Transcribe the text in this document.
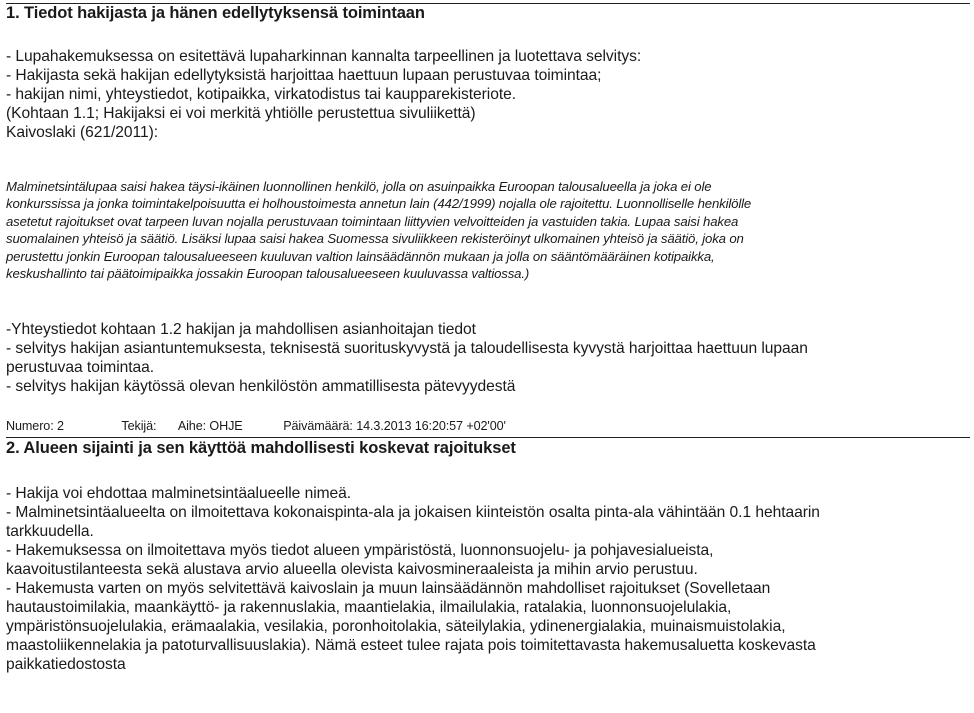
1. Tiedot hakijasta ja hänen edellytyksensä toimintaan
- Lupahakemuksessa on esitettävä lupaharkinnan kannalta tarpeellinen ja luotettava selvitys:
- Hakijasta sekä hakijan edellytyksistä harjoittaa haettuun lupaan perustuvaa toimintaa;
- hakijan nimi, yhteystiedot, kotipaikka, virkatodistus tai kaupparekisteriote.
(Kohtaan 1.1; Hakijaksi ei voi merkitä yhtiölle perustettua sivuliikettä)
Kaivoslaki (621/2011):
Malminetsintälupaa saisi hakea täysi-ikäinen luonnollinen henkilö, jolla on asuinpaikka Euroopan talousalueella ja joka ei ole
konkurssissa ja jonka toimintakelpoisuutta ei holhoustoimesta annetun lain (442/1999) nojalla ole rajoitettu. Luonnolliselle henkilölle
asetetut rajoitukset ovat tarpeen luvan nojalla perustuvaan toimintaan liittyvien velvoitteiden ja vastuiden takia. Lupaa saisi hakea
suomalainen yhteisö ja säätiö. Lisäksi lupaa saisi hakea Suomessa sivuliikkeen rekisteröinyt ulkomainen yhteisö ja säätiö, joka on
perustettu jonkin Euroopan talousalueeseen kuuluvan valtion lainsäädännön mukaan ja jolla on sääntömääräinen kotipaikka,
keskushallinto tai päätoimipaikka jossakin Euroopan talousalueeseen kuuluvassa valtiossa.)
-Yhteystiedot kohtaan 1.2 hakijan ja mahdollisen asianhoitajan tiedot
- selvitys hakijan asiantuntemuksesta, teknisestä suorituskyvystä ja taloudellisesta kyvystä harjoittaa haettuun lupaan
perustuvaa toimintaa.
- selvitys hakijan käytössä olevan henkilöstön ammatillisesta pätevyydestä
Numero: 2	Tekijä: Aihe: OHJE	Päivämäärä: 14.3.2013 16:20:57 +02'00'
2. Alueen sijainti ja sen käyttöä mahdollisesti koskevat rajoitukset
- Hakija voi ehdottaa malminetsintäalueelle nimeä.
- Malminetsintäalueelta on ilmoitettava kokonaispinta-ala ja jokaisen kiinteistön osalta pinta-ala vähintään 0.1 hehtaarin
tarkkuudella.
- Hakemuksessa on ilmoitettava myös tiedot alueen ympäristöstä, luonnonsuojelu- ja pohjavesialueista,
kaavoitustilanteesta sekä alustava arvio alueella olevista kaivosmineraaleista ja mihin arvio perustuu.
- Hakemusta varten on myös selvitettävä kaivoslain ja muun lainsäädännön mahdolliset rajoitukset (Sovelletaan
hautaustoimilakia, maankäyttö- ja rakennuslakia, maantielakia, ilmailulakia, ratalakia, luonnonsuojelulakia,
ympäristönsuojelulakia, erämaalakia, vesilakia, poronhoitolakia, säteilylakia, ydinenergialakia, muinaismuistolakia,
maastoliikennelakia ja patoturvallisuuslakia). Nämä esteet tulee rajata pois toimitettavasta hakemusaluetta koskevasta
paikkatiedostosta
